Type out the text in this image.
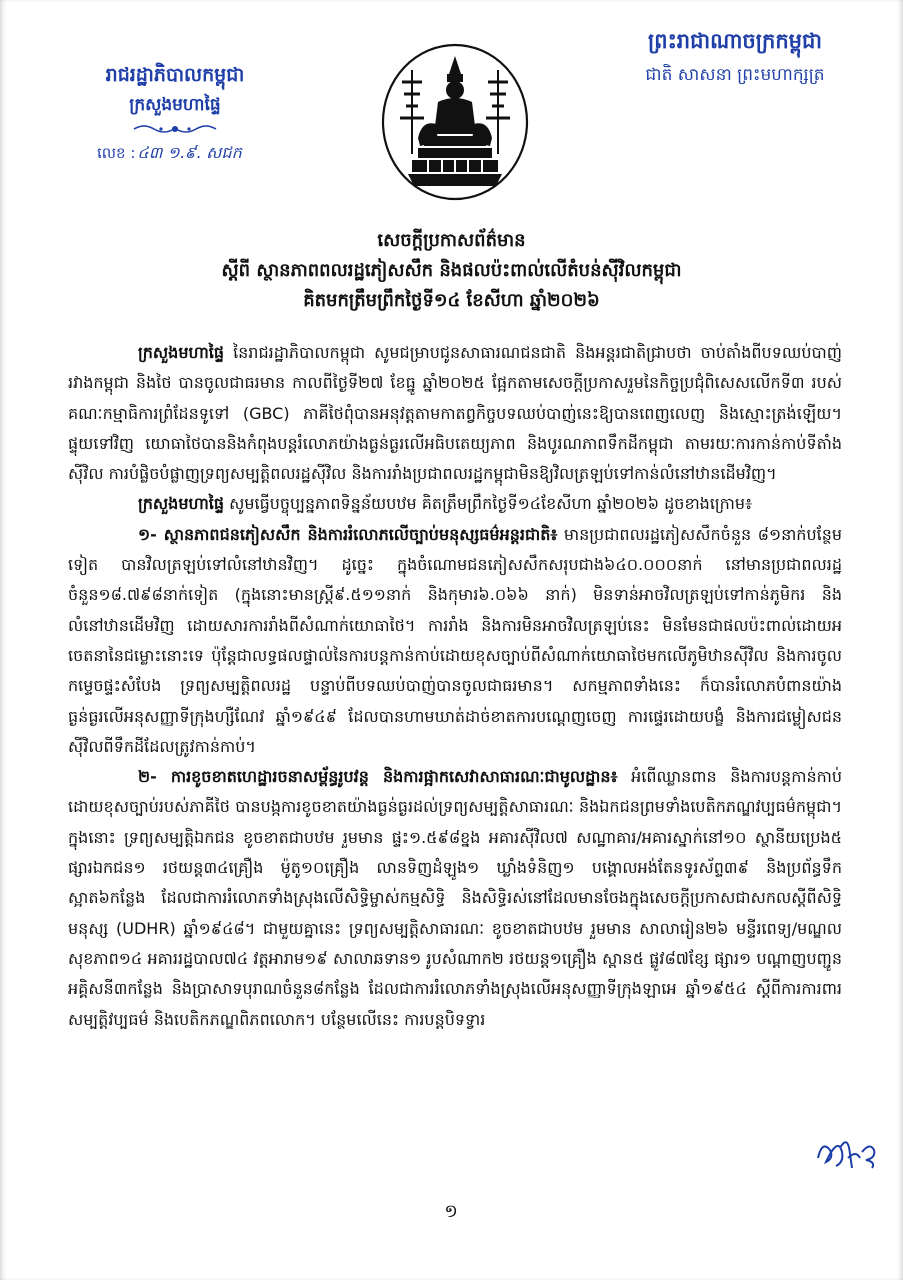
រាជរដ្ឋាភិបាលកម្ពុជា
ក្រសួងមហាផ្ទៃ
លេខ : ៤៣ ១.៩. សជក
ព្រះរាជាណាចក្រកម្ពុជា
ជាតិ សាសនា ព្រះមហាក្សត្រ
សេចក្តីប្រកាសព័ត៌មាន
ស្តីពី ស្ថានភាពពលរដ្ឋភៀសសឹក និងផលប៉ះពាល់លើតំបន់ស៊ីវិលកម្ពុជា
គិតមកត្រឹមព្រឹកថ្ងៃទី១៤ ខែសីហា ឆ្នាំ២០២៦

ក្រសួងមហាផ្ទៃ នៃរាជរដ្ឋាភិបាលកម្ពុជា សូមជម្រាបជូនសាធារណជនជាតិ និងអន្តរជាតិជ្រាបថា ចាប់តាំងពីបទឈប់បាញ់រវាងកម្ពុជា និងថៃ បានចូលជាធរមាន កាលពីថ្ងៃទី២៧ ខែធ្នូ ឆ្នាំ២០២៥ ផ្អែកតាមសេចក្តីប្រកាសរួមនៃកិច្ចប្រជុំពិសេសលើកទី៣ របស់គណៈកម្មាធិការព្រំដែនទូទៅ (GBC) ភាគីថៃពុំបានអនុវត្តតាមកាតព្វកិច្ចបទឈប់បាញ់នេះឱ្យបានពេញលេញ និងស្មោះត្រង់ឡើយ។ ផ្ទុយទៅវិញ យោធាថៃបាននិងកំពុងបន្តរំលោភយ៉ាងធ្ងន់ធ្ងរលើអធិបតេយ្យភាព និងបូរណភាពទឹកដីកម្ពុជា តាមរយៈការកាន់កាប់ទីតាំងស៊ីវិល ការបំផ្លិចបំផ្លាញទ្រព្យសម្បត្តិពលរដ្ឋស៊ីវិល និងការរាំងប្រជាពលរដ្ឋកម្ពុជាមិនឱ្យវិលត្រឡប់ទៅកាន់លំនៅឋានដើមវិញ។

ក្រសួងមហាផ្ទៃ សូមធ្វើបច្ចុប្បន្នភាពទិន្នន័យបឋម គិតត្រឹមព្រឹកថ្ងៃទី១៤ខែសីហា ឆ្នាំ២០២៦ ដូចខាងក្រោម៖

១- ស្ថានភាពជនភៀសសឹក និងការរំលោភលើច្បាប់មនុស្សធម៌អន្តរជាតិ៖ មានប្រជាពលរដ្ឋភៀសសឹកចំនួន ៨១នាក់បន្ថែមទៀត បានវិលត្រឡប់ទៅលំនៅឋានវិញ។ ដូច្នេះ ក្នុងចំណោមជនភៀសសឹកសរុបជាង៦៤០.០០០នាក់ នៅមានប្រជាពលរដ្ឋចំនួន១៨.៧៩៨នាក់ទៀត (ក្នុងនោះមានស្ត្រី៩.៥១១នាក់ និងកុមារ៦.០៦៦ នាក់) មិនទាន់អាចវិលត្រឡប់ទៅកាន់ភូមិករ និងលំនៅឋានដើមវិញ ដោយសារការរាំងពីសំណាក់យោធាថៃ។ ការរាំង និងការមិនអាចវិលត្រឡប់នេះ មិនមែនជាផលប៉ះពាល់ដោយអចេតនានៃជម្លោះនោះទេ ប៉ុន្តែជាលទ្ធផលផ្ទាល់នៃការបន្តកាន់កាប់ដោយខុសច្បាប់ពីសំណាក់យោធាថៃមកលើភូមិឋានស៊ីវិល និងការចូលកម្ទេចផ្ទះសំបែង ទ្រព្យសម្បត្តិពលរដ្ឋ បន្ទាប់ពីបទឈប់បាញ់បានចូលជាធរមាន។ សកម្មភាពទាំងនេះ ក៏បានរំលោភបំពានយ៉ាងធ្ងន់ធ្ងរលើអនុសញ្ញាទីក្រុងហ្សឺណែវ ឆ្នាំ១៩៤៩ ដែលបានហាមឃាត់ដាច់ខាតការបណ្តេញចេញ ការផ្ទេរដោយបង្ខំ និងការជម្លៀសជនស៊ីវិលពីទឹកដីដែលត្រូវកាន់កាប់។

២- ការខូចខាតហេដ្ឋារចនាសម្ព័ន្ធរូបវន្ត និងការផ្អាកសេវាសាធារណៈជាមូលដ្ឋាន៖ អំពើឈ្លានពាន និងការបន្តកាន់កាប់ដោយខុសច្បាប់របស់ភាគីថៃ បានបង្កការខូចខាតយ៉ាងធ្ងន់ធ្ងរដល់ទ្រព្យសម្បត្តិសាធារណៈ និងឯកជនព្រមទាំងបេតិកភណ្ឌវប្បធម៌កម្ពុជា។ ក្នុងនោះ ទ្រព្យសម្បត្តិឯកជន ខូចខាតជាបឋម រួមមាន ផ្ទះ១.៥៩៨ខ្នង អគារស៊ីវិល៧ សណ្ឋាគារ/អគារស្នាក់នៅ១០ ស្ថានីយប្រេង៥ ផ្សារឯកជន១ រថយន្ត៣៤គ្រឿង ម៉ូតូ១០គ្រឿង លានទិញដំឡូង១ ឃ្លាំងទំនិញ១ បង្គោលអង់តែនទូរស័ព្ទ៣៩ និងប្រព័ន្ធទឹកស្អាត៦កន្លែង ដែលជាការរំលោភទាំងស្រុងលើសិទ្ធិម្ចាស់កម្មសិទ្ធិ និងសិទ្ធិរស់នៅដែលមានចែងក្នុងសេចក្តីប្រកាសជាសកលស្តីពីសិទ្ធិមនុស្ស (UDHR) ឆ្នាំ១៩៤៨។ ជាមួយគ្នានេះ ទ្រព្យសម្បត្តិសាធារណៈ ខូចខាតជាបឋម រួមមាន សាលារៀន២៦ មន្ទីរពេទ្យ/មណ្ឌលសុខភាព១៤ អគាររដ្ឋបាល៧៤ វត្តអារាម១៩ សាលាឆទាន១ រូបសំណាក២ រថយន្ត១គ្រឿង ស្ពាន៥ ផ្លូវ៨៧ខ្សែ ផ្សារ១ បណ្តាញបញ្ជូនអគ្គិសនី៣កន្លែង និងប្រាសាទបុរាណចំនួន៨កន្លែង ដែលជាការរំលោភទាំងស្រុងលើអនុសញ្ញាទីក្រុងឡាអេ ឆ្នាំ១៩៥៤ ស្តីពីការការពារសម្បត្តិវប្បធម៌ និងបេតិកភណ្ឌពិភពលោក។ បន្ថែមលើនេះ ការបន្តបិទទ្វារ

១
